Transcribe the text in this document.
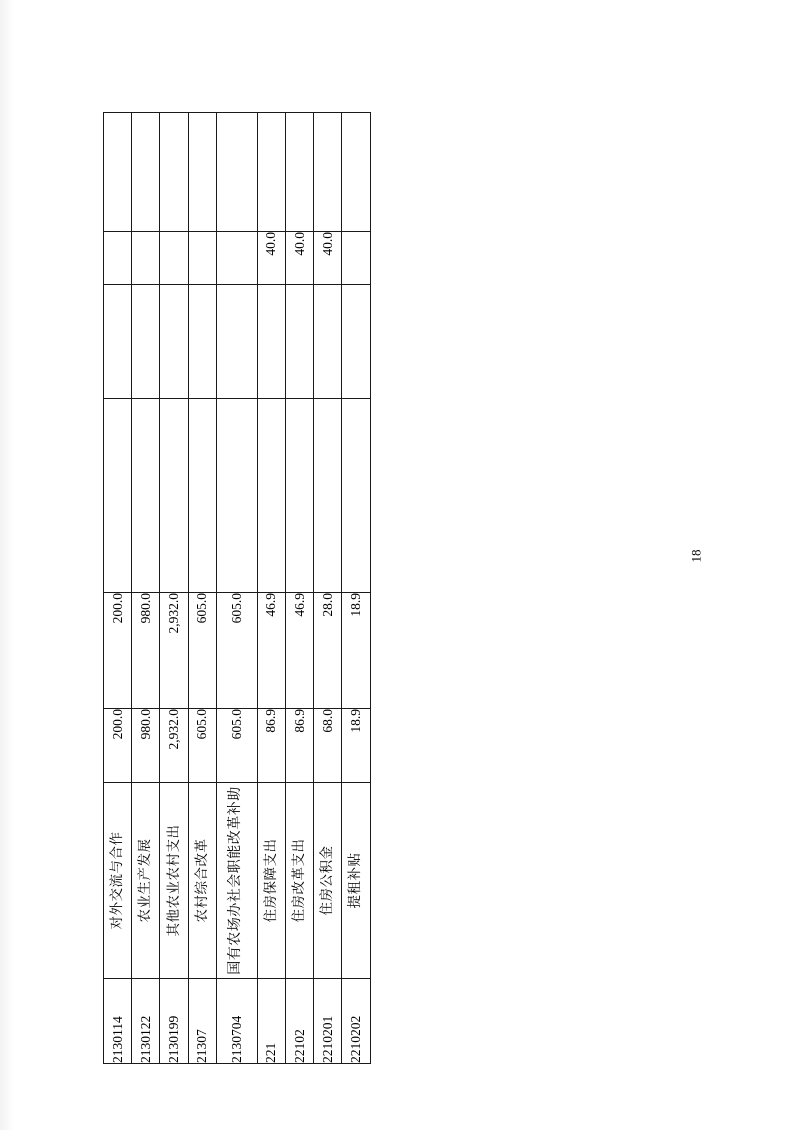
18
2130114	对外交流与合作	200.0	200.0				
2130122	农业生产发展	980.0	980.0				
2130199	其他农业农村支出	2,932.0	2,932.0				
21307	农村综合改革	605.0	605.0				
2130704	国有农场办社会职能改革补助	605.0	605.0				
221	住房保障支出	86.9	46.9			40.0	
22102	住房改革支出	86.9	46.9			40.0	
2210201	住房公积金	68.0	28.0			40.0	
2210202	提租补贴	18.9	18.9				
